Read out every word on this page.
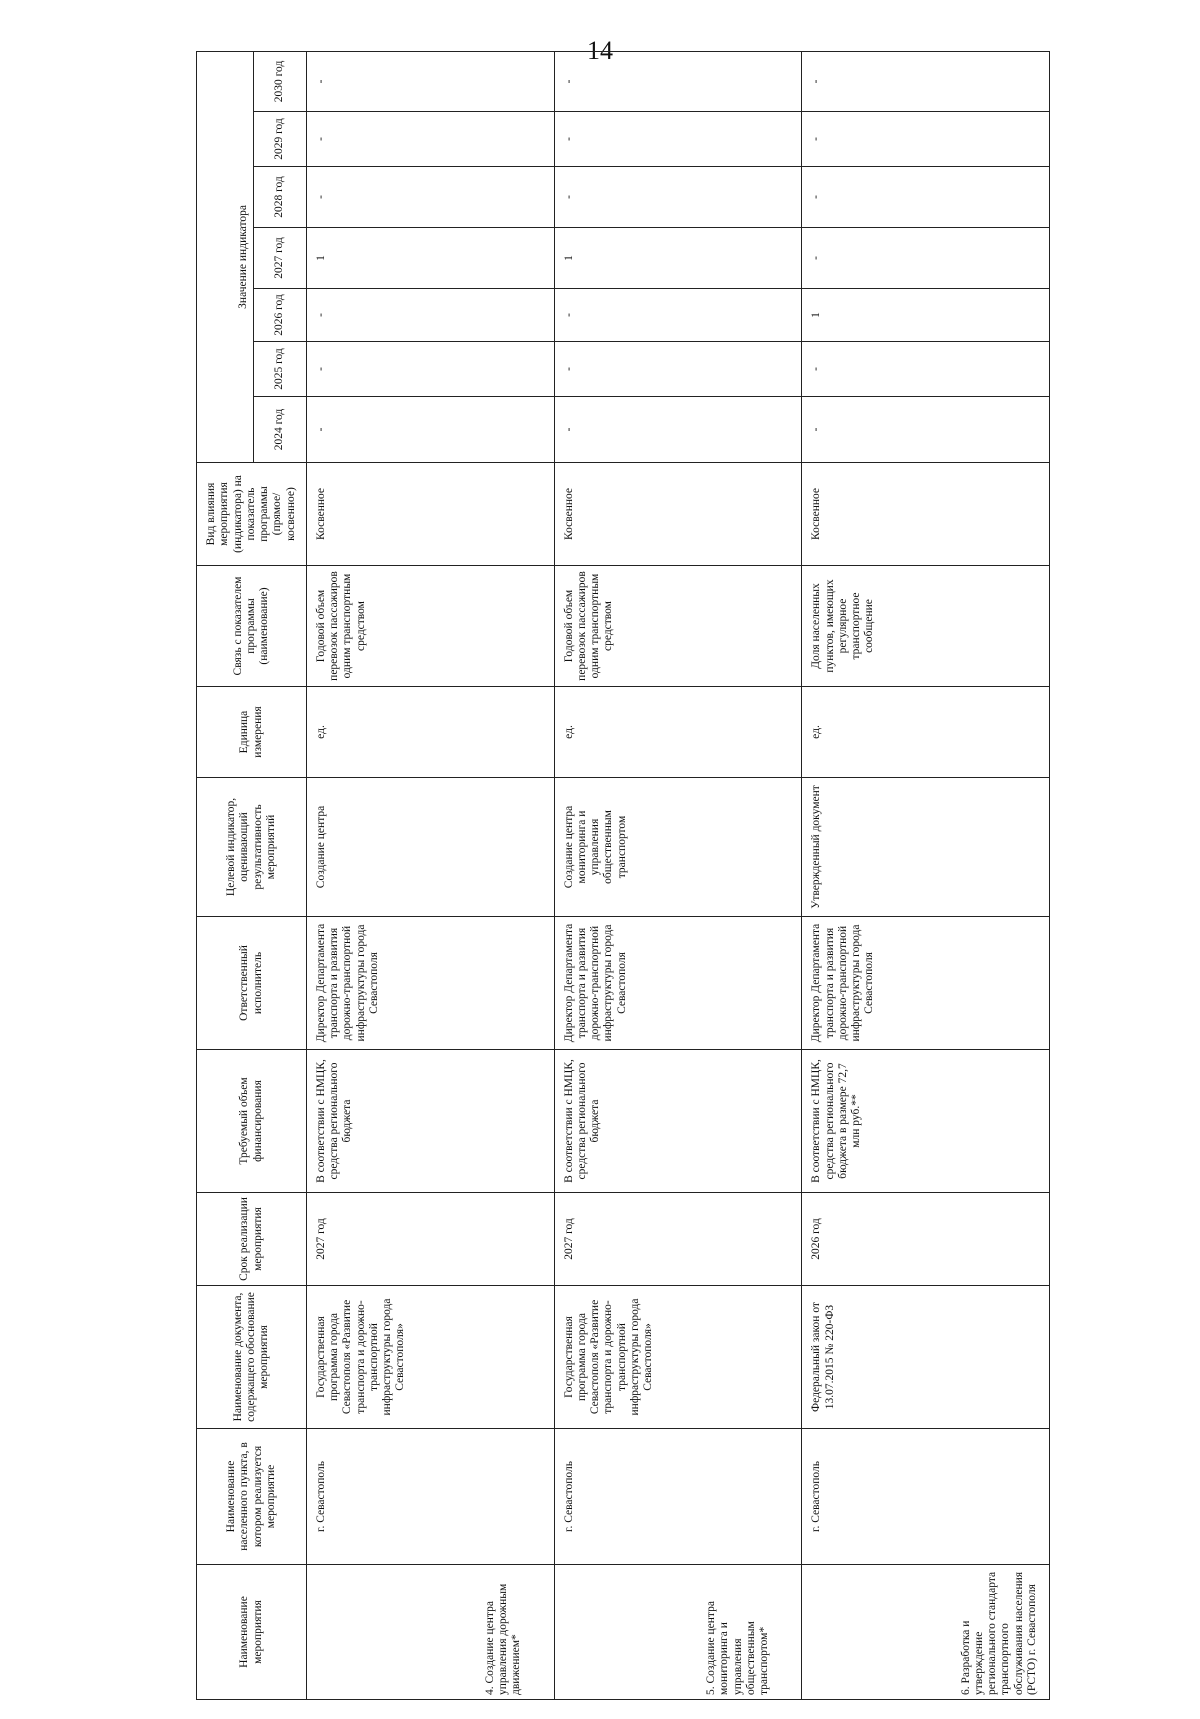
14
Наименование мероприятия	Наименование населенного пункта, в котором реализуется мероприятие	Наименование документа, содержащего обоснование мероприятия	Срок реализации мероприятия	Требуемый объем финансирования	Ответственный исполнитель	Целевой индикатор, оценивающий результативность мероприятий	Единица измерения	Связь с показателем программы (наименование)	Вид влияния мероприятия (индикатора) на показатель программы (прямое/ косвенное)	Значение индикатора						
										2024 год	2025 год	2026 год	2027 год	2028 год	2029 год	2030 год
4. Создание центра управления дорожным движением*	г. Севастополь	Государственная программа города Севастополя «Развитие транспорта и дорожно-транспортной инфраструктуры города Севастополя»	2027 год	В соответствии с НМЦК, средства регионального бюджета	Директор Департамента транспорта и развития дорожно-транспортной инфраструктуры города Севастополя	Создание центра	ед.	Годовой объем перевозок пассажиров одним транспортным средством	Косвенное	-	-	-	1	-	-	-
5. Создание центра мониторинга и управления общественным транспортом*	г. Севастополь	Государственная программа города Севастополя «Развитие транспорта и дорожно-транспортной инфраструктуры города Севастополя»	2027 год	В соответствии с НМЦК, средства регионального бюджета	Директор Департамента транспорта и развития дорожно-транспортной инфраструктуры города Севастополя	Создание центра мониторинга и управления общественным транспортом	ед.	Годовой объем перевозок пассажиров одним транспортным средством	Косвенное	-	-	-	1	-	-	-
6. Разработка и утверждение регионального стандарта транспортного обслуживания населения (РСТО) г. Севастополя	г. Севастополь	Федеральный закон от 13.07.2015 № 220-ФЗ	2026 год	В соответствии с НМЦК, средства регионального бюджета в размере 72,7 млн руб.**	Директор Департамента транспорта и развития дорожно-транспортной инфраструктуры города Севастополя	Утвержденный документ	ед.	Доля населенных пунктов, имеющих регулярное транспортное сообщение	Косвенное	-	-	1	-	-	-	-
